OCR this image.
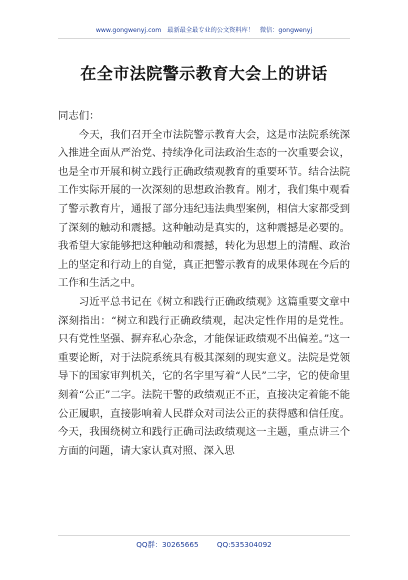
www.gongwenyj.com 最新最全最专业的公文资料库！ 微信：gongwenyj
在全市法院警示教育大会上的讲话

同志们：

今天，我们召开全市法院警示教育大会，这是市法院系统深入推进全面从严治党、持续净化司法政治生态的一次重要会议，也是全市开展和树立践行正确政绩观教育的重要环节。结合法院工作实际开展的一次深刻的思想政治教育。刚才，我们集中观看了警示教育片，通报了部分违纪违法典型案例，相信大家都受到了深刻的触动和震撼。这种触动是真实的，这种震撼是必要的。我希望大家能够把这种触动和震撼，转化为思想上的清醒、政治上的坚定和行动上的自觉，真正把警示教育的成果体现在今后的工作和生活之中。

习近平总书记在《树立和践行正确政绩观》这篇重要文章中深刻指出：“树立和践行正确政绩观，起决定性作用的是党性。只有党性坚强、摒弃私心杂念，才能保证政绩观不出偏差。”这一重要论断，对于法院系统具有极其深刻的现实意义。法院是党领导下的国家审判机关，它的名字里写着“人民”二字，它的使命里刻着“公正”二字。法院干警的政绩观正不正，直接决定着能不能公正履职，直接影响着人民群众对司法公正的获得感和信任度。今天，我围绕树立和践行正确司法政绩观这一主题，重点讲三个方面的问题，请大家认真对照、深入思

QQ群：30265665	QQ:535304092
